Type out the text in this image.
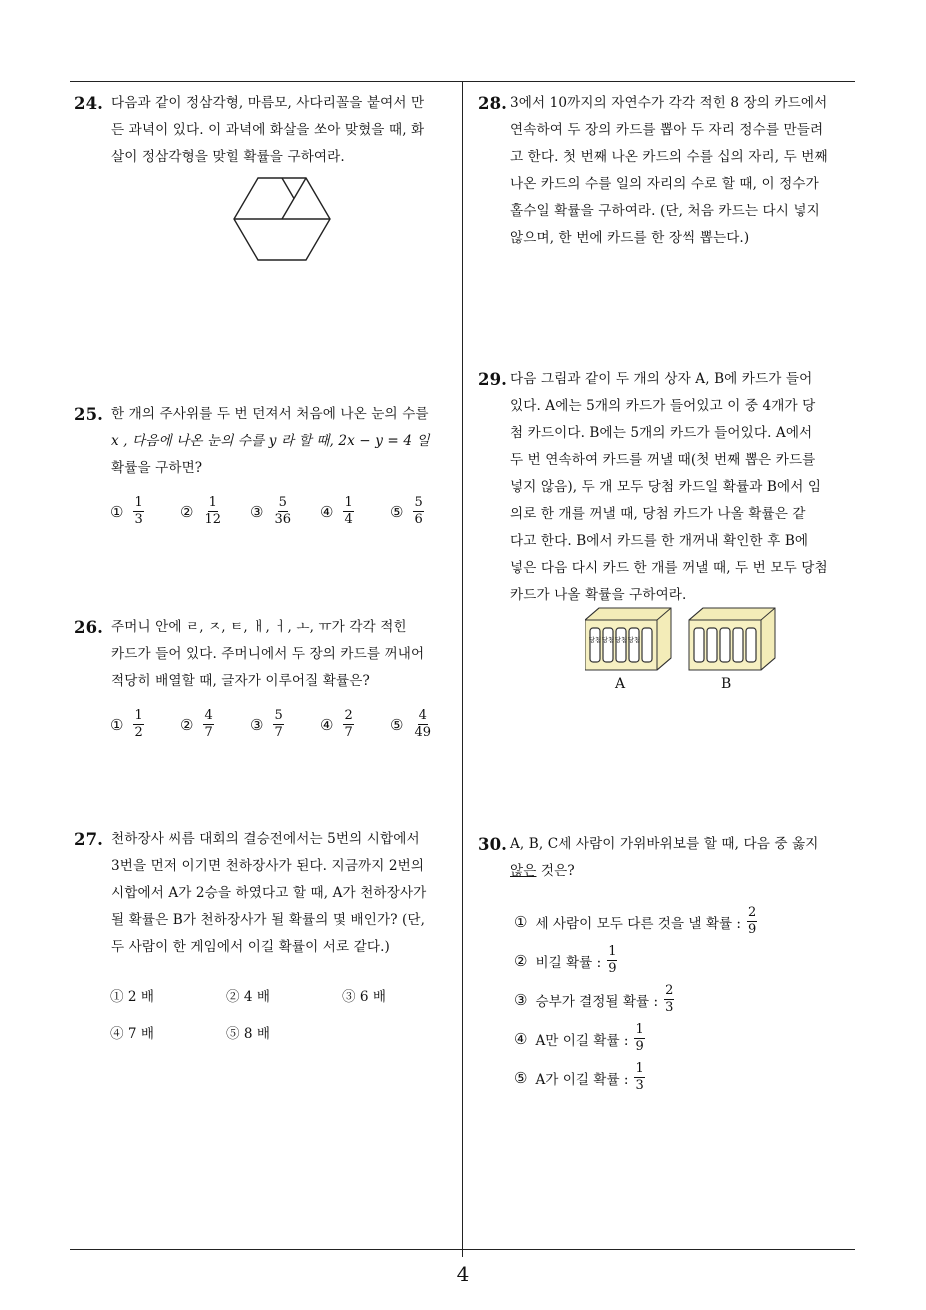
4
24. 다음과 같이 정삼각형, 마름모, 사다리꼴을 붙여서 만
든 과녁이 있다. 이 과녁에 화살을 쏘아 맞혔을 때, 화
살이 정삼각형을 맞힐 확률을 구하여라.
25. 한 개의 주사위를 두 번 던져서 처음에 나온 눈의 수를
x , 다음에 나온 눈의 수를 y 라 할 때, 2x − y = 4 일
확률을 구하면?
① $\frac{1}{3}$ ② $\frac{1}{12}$ ③ $\frac{5}{36}$ ④ $\frac{1}{4}$ ⑤ $\frac{5}{6}$
26. 주머니 안에 ㄹ, ㅈ, ㅌ, ㅐ, ㅓ, ㅗ, ㅠ가 각각 적힌
카드가 들어 있다. 주머니에서 두 장의 카드를 꺼내어
적당히 배열할 때, 글자가 이루어질 확률은?
① $\frac{1}{2}$ ② $\frac{4}{7}$ ③ $\frac{5}{7}$ ④ $\frac{2}{7}$ ⑤ $\frac{4}{49}$
27. 천하장사 씨름 대회의 결승전에서는 5번의 시합에서
3번을 먼저 이기면 천하장사가 된다. 지금까지 2번의
시합에서 A가 2승을 하였다고 할 때, A가 천하장사가
될 확률은 B가 천하장사가 될 확률의 몇 배인가? (단,
두 사람이 한 게임에서 이길 확률이 서로 같다.)
① 2 배	② 4 배	③ 6 배
④ 7 배	⑤ 8 배
28. 3에서 10까지의 자연수가 각각 적힌 8 장의 카드에서
연속하여 두 장의 카드를 뽑아 두 자리 정수를 만들려
고 한다. 첫 번째 나온 카드의 수를 십의 자리, 두 번째
나온 카드의 수를 일의 자리의 수로 할 때, 이 정수가
홀수일 확률을 구하여라. (단, 처음 카드는 다시 넣지
않으며, 한 번에 카드를 한 장씩 뽑는다.)
29. 다음 그림과 같이 두 개의 상자 A, B에 카드가 들어
있다. A에는 5개의 카드가 들어있고 이 중 4개가 당
첨 카드이다. B에는 5개의 카드가 들어있다. A에서
두 번 연속하여 카드를 꺼낼 때(첫 번째 뽑은 카드를
넣지 않음), 두 개 모두 당첨 카드일 확률과 B에서 임
의로 한 개를 꺼낼 때, 당첨 카드가 나올 확률은 같
다고 한다. B에서 카드를 한 개꺼내 확인한 후 B에
넣은 다음 다시 카드 한 개를 꺼낼 때, 두 번 모두 당첨
카드가 나올 확률을 구하여라.
당첨 당첨 당첨 당첨
A	B
30. A, B, C세 사람이 가위바위보를 할 때, 다음 중 옳지
않은 것은?
① 세 사람이 모두 다른 것을 낼 확률 : $\frac{2}{9}$
② 비길 확률 : $\frac{1}{9}$
③ 승부가 결정될 확률 : $\frac{2}{3}$
④ A만 이길 확률 : $\frac{1}{9}$
⑤ A가 이길 확률 : $\frac{1}{3}$
